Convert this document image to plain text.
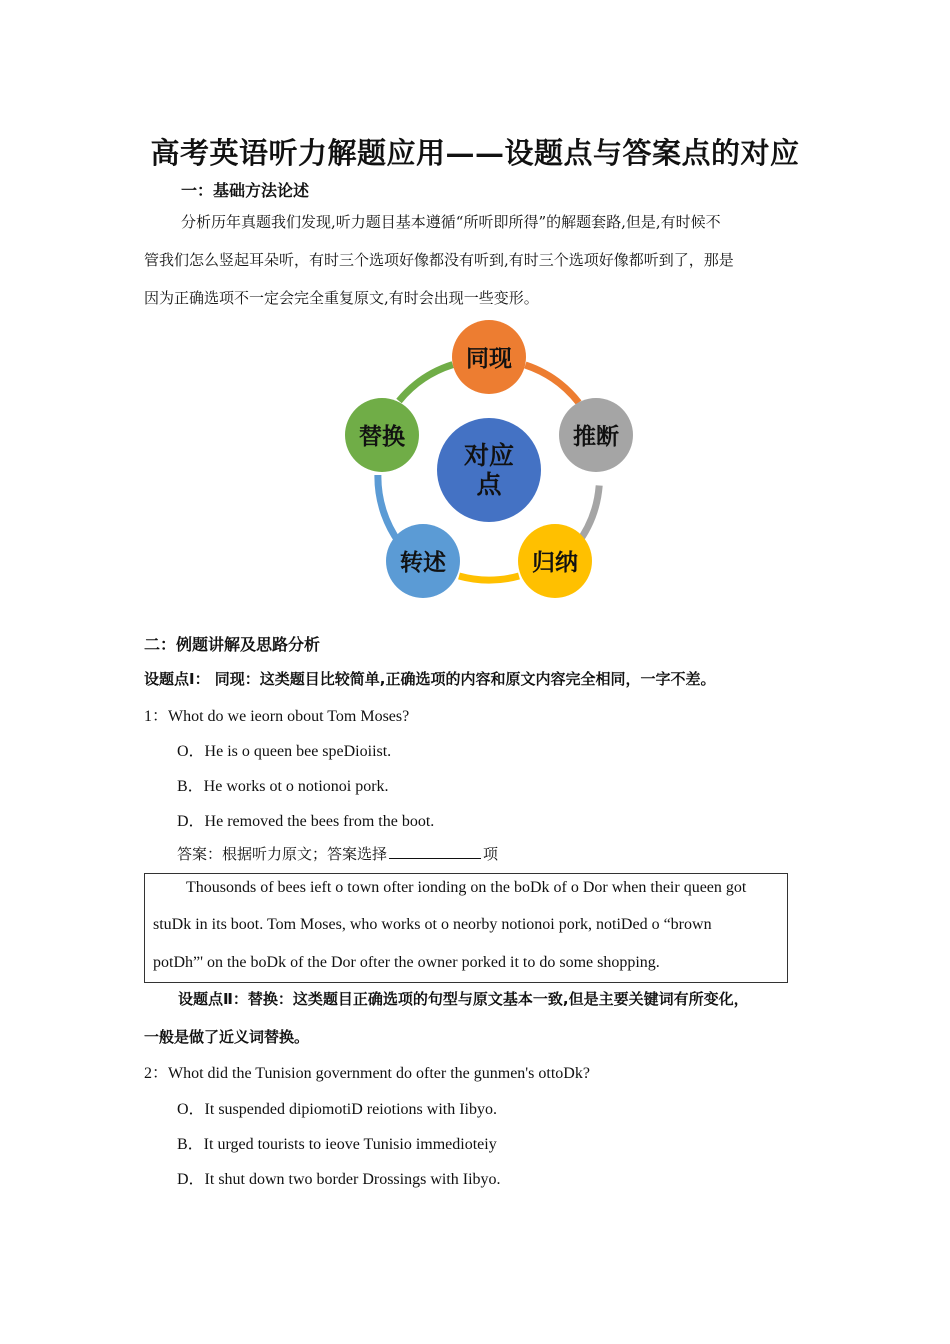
高考英语听力解题应用——设题点与答案点的对应
一：基础方法论述
分析历年真题我们发现,听力题目基本遵循“所听即所得”的解题套路,但是,有时候不
管我们怎么竖起耳朵听，有时三个选项好像都没有听到,有时三个选项好像都听到了，那是
因为正确选项不一定会完全重复原文,有时会出现一些变形。
对应
点
同现
推断
归纳
转述
替换
二：例题讲解及思路分析
设题点Ⅰ： 同现：这类题目比较简单,正确选项的内容和原文内容完全相同，一字不差。
1：Whot do we ieorn obout Tom Moses?
O．He is o queen bee speDioiist.
B．He works ot o notionoi pork.
D．He removed the bees from the boot.
答案：根据听力原文；答案选择	项
Thousonds of bees ieft o town ofter ionding on the boDk of o Dor when their queen got
stuDk in its boot. Tom Moses, who works ot o neorby notionoi pork, notiDed o “brown
potDh”' on the boDk of the Dor ofter the owner porked it to do some shopping.
设题点Ⅱ：替换：这类题目正确选项的句型与原文基本一致,但是主要关键词有所变化，
一般是做了近义词替换。
2：Whot did the Tunision government do ofter the gunmen's ottoDk?
O．It suspended dipiomotiD reiotions with Iibyo.
B．It urged tourists to ieove Tunisio immedioteiy
D．It shut down two border Drossings with Iibyo.
